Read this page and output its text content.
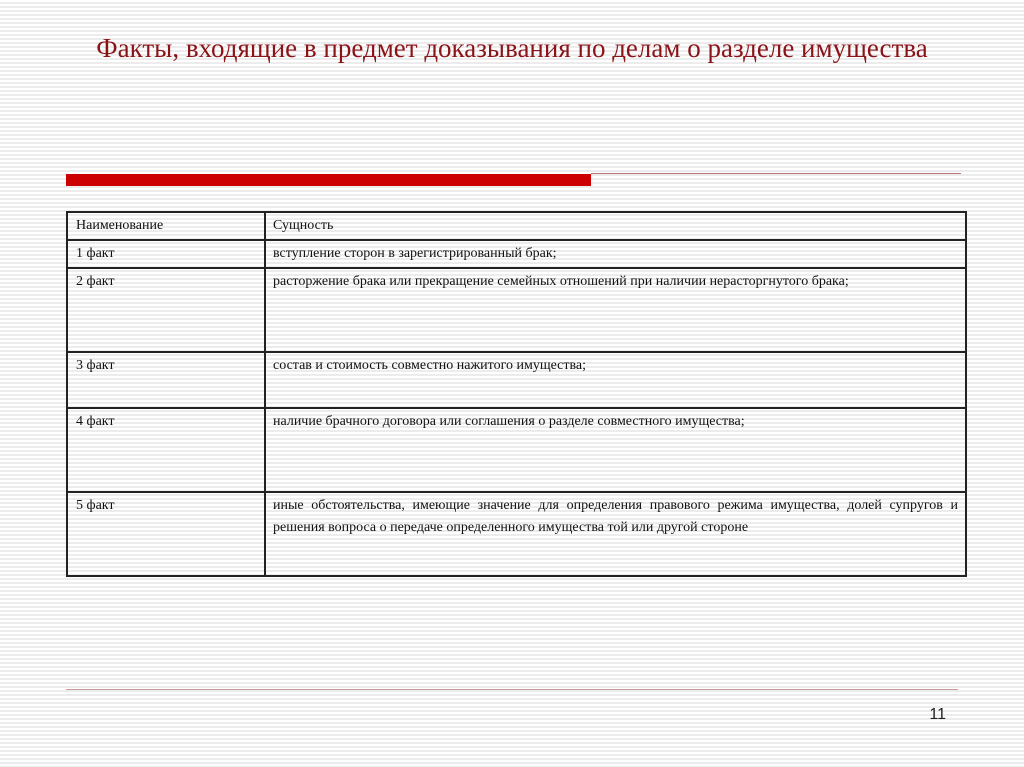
Факты, входящие в предмет доказывания по делам о разделе имущества
Наименование	Сущность
1 факт	вступление сторон в зарегистрированный брак;
2 факт	расторжение брака или прекращение семейных отношений при наличии нерасторгнутого брака;
3 факт	состав и стоимость совместно нажитого имущества;
4 факт	наличие брачного договора или соглашения о разделе совместного имущества;
5 факт	иные обстоятельства, имеющие значение для определения правового режима имущества, долей супругов и решения вопроса о передаче определенного имущества той или другой стороне
11
